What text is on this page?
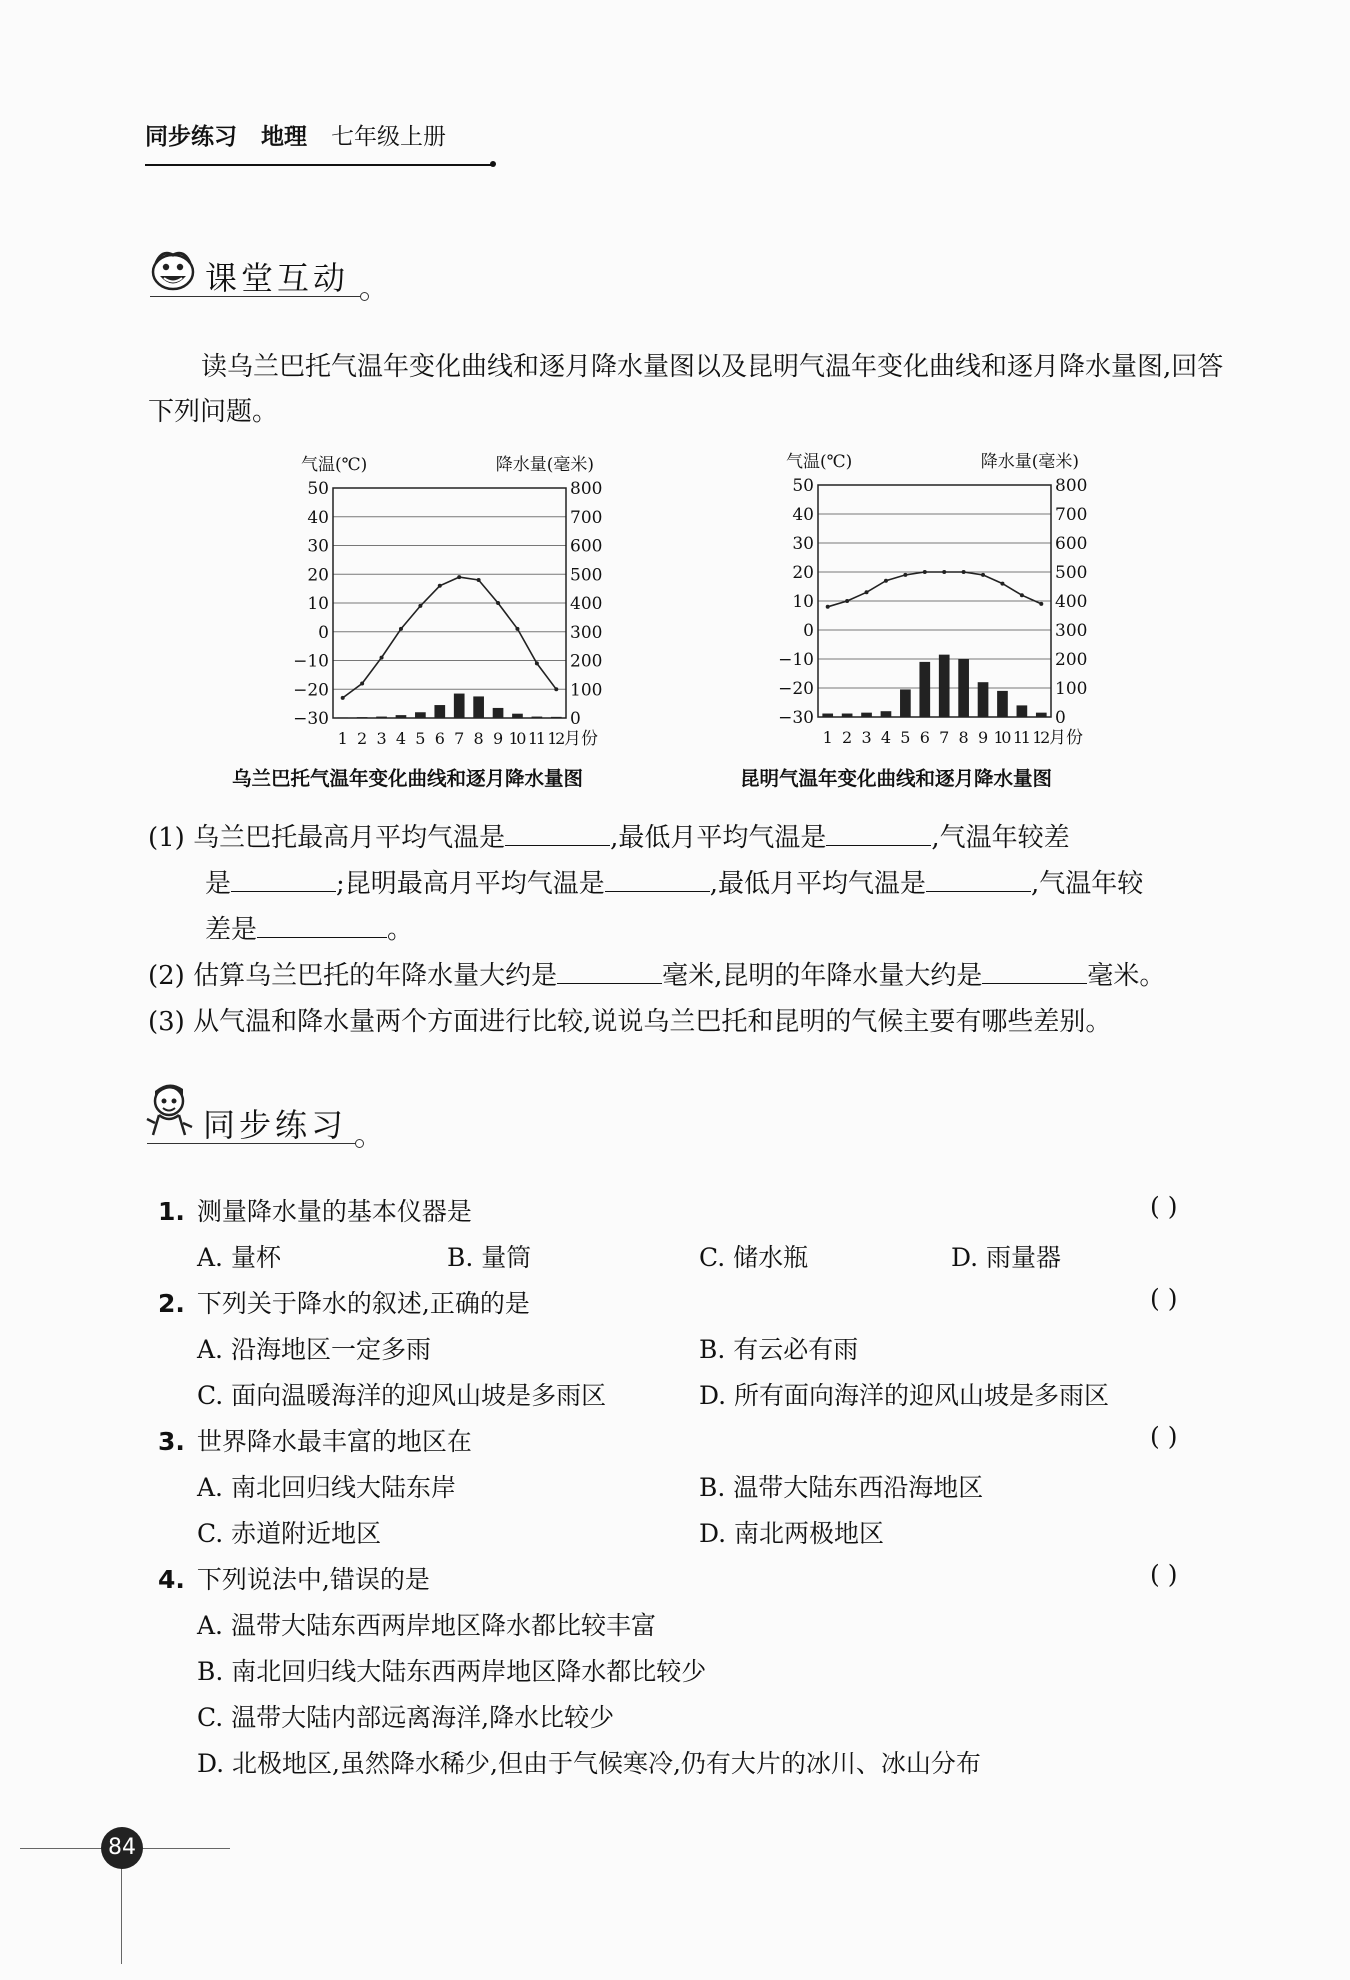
同步练习 地理 七年级上册
课堂互动
读乌兰巴托气温年变化曲线和逐月降水量图以及昆明气温年变化曲线和逐月降水量图,回答下列问题。
50
40
30
20
10
0
−10
−20
−30
800
700
600
500
400
300
200
100
0
气温(℃)	降水量(毫米)
1 2 3 4 5 6 7 8 9 10 11 12
月份
50
40
30
20
10
0
−10
−20
−30
800
700
600
500
400
300
200
100
0
气温(℃)	降水量(毫米)
1 2 3 4 5 6 7 8 9 10 11 12
月份
乌兰巴托气温年变化曲线和逐月降水量图	昆明气温年变化曲线和逐月降水量图
(1) 乌兰巴托最高月平均气温是	,最低月平均气温是	,气温年较差
是	;昆明最高月平均气温是	,最低月平均气温是	,气温年较
差是	。
(2) 估算乌兰巴托的年降水量大约是	毫米,昆明的年降水量大约是	毫米。
(3) 从气温和降水量两个方面进行比较,说说乌兰巴托和昆明的气候主要有哪些差别。
同步练习
1. 测量降水量的基本仪器是	( )
A. 量杯	B. 量筒	C. 储水瓶	D. 雨量器
2. 下列关于降水的叙述,正确的是	( )
A. 沿海地区一定多雨	B. 有云必有雨
C. 面向温暖海洋的迎风山坡是多雨区	D. 所有面向海洋的迎风山坡是多雨区
3. 世界降水最丰富的地区在	( )
A. 南北回归线大陆东岸	B. 温带大陆东西沿海地区
C. 赤道附近地区	D. 南北两极地区
4. 下列说法中,错误的是	( )
A. 温带大陆东西两岸地区降水都比较丰富
B. 南北回归线大陆东西两岸地区降水都比较少
C. 温带大陆内部远离海洋,降水比较少
D. 北极地区,虽然降水稀少,但由于气候寒冷,仍有大片的冰川、冰山分布
84
